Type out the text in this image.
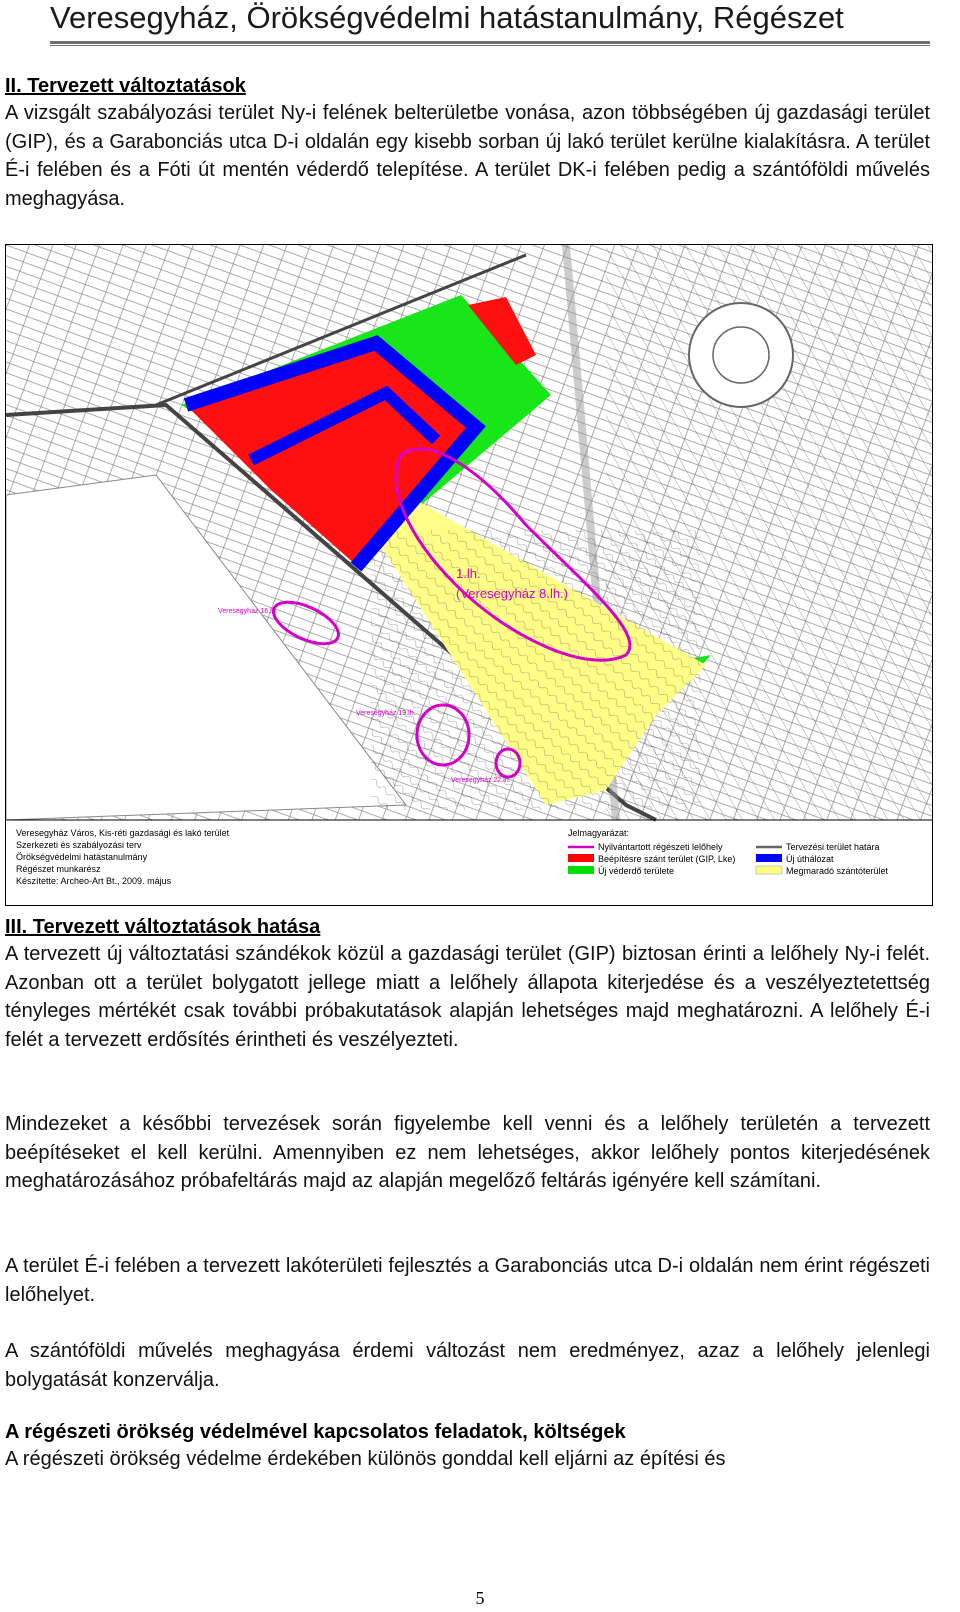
Veresegyház, Örökségvédelmi hatástanulmány, Régészet
II. Tervezett változtatások

A vizsgált szabályozási terület Ny-i felének belterületbe vonása, azon többségében új gazdasági terület (GIP), és a Garabonciás utca D-i oldalán egy kisebb sorban új lakó terület kerülne kialakításra. A terület É-i felében és a Fóti út mentén véderdő telepítése. A terület DK-i felében pedig a szántóföldi művelés meghagyása.

1.lh.
(Veresegyház 8.lh.)
Veresegyház 16.lh.
Veresegyház 19.lh.
Veresegyház 22.lh.
Veresegyház Város, Kis-réti gazdasági és lakó terület
Szerkezeti és szabályozási terv
Örökségvédelmi hatástanulmány
Régészet munkarész
Készítette: Archeo-Art Bt., 2009. május
Jelmagyarázat:
Nyilvántartott régészeti lelőhely
Beépítésre szánt terület (GIP, Lke)
Új véderdő területe
Tervezési terület határa
Új úthálózat
Megmaradó szántóterület
III. Tervezett változtatások hatása

A tervezett új változtatási szándékok közül a gazdasági terület (GIP) biztosan érinti a lelőhely Ny-i felét. Azonban ott a terület bolygatott jellege miatt a lelőhely állapota kiterjedése és a veszélyeztetettség tényleges mértékét csak további próbakutatások alapján lehetséges majd meghatározni. A lelőhely É-i felét a tervezett erdősítés érintheti és veszélyezteti.

Mindezeket a későbbi tervezések során figyelembe kell venni és a lelőhely területén a tervezett beépítéseket el kell kerülni. Amennyiben ez nem lehetséges, akkor lelőhely pontos kiterjedésének meghatározásához próbafeltárás majd az alapján megelőző feltárás igényére kell számítani.

A terület É-i felében a tervezett lakóterületi fejlesztés a Garabonciás utca D-i oldalán nem érint régészeti lelőhelyet.

A szántóföldi művelés meghagyása érdemi változást nem eredményez, azaz a lelőhely jelenlegi bolygatását konzerválja.

A régészeti örökség védelmével kapcsolatos feladatok, költségek

A régészeti örökség védelme érdekében különös gonddal kell eljárni az építési és

5
